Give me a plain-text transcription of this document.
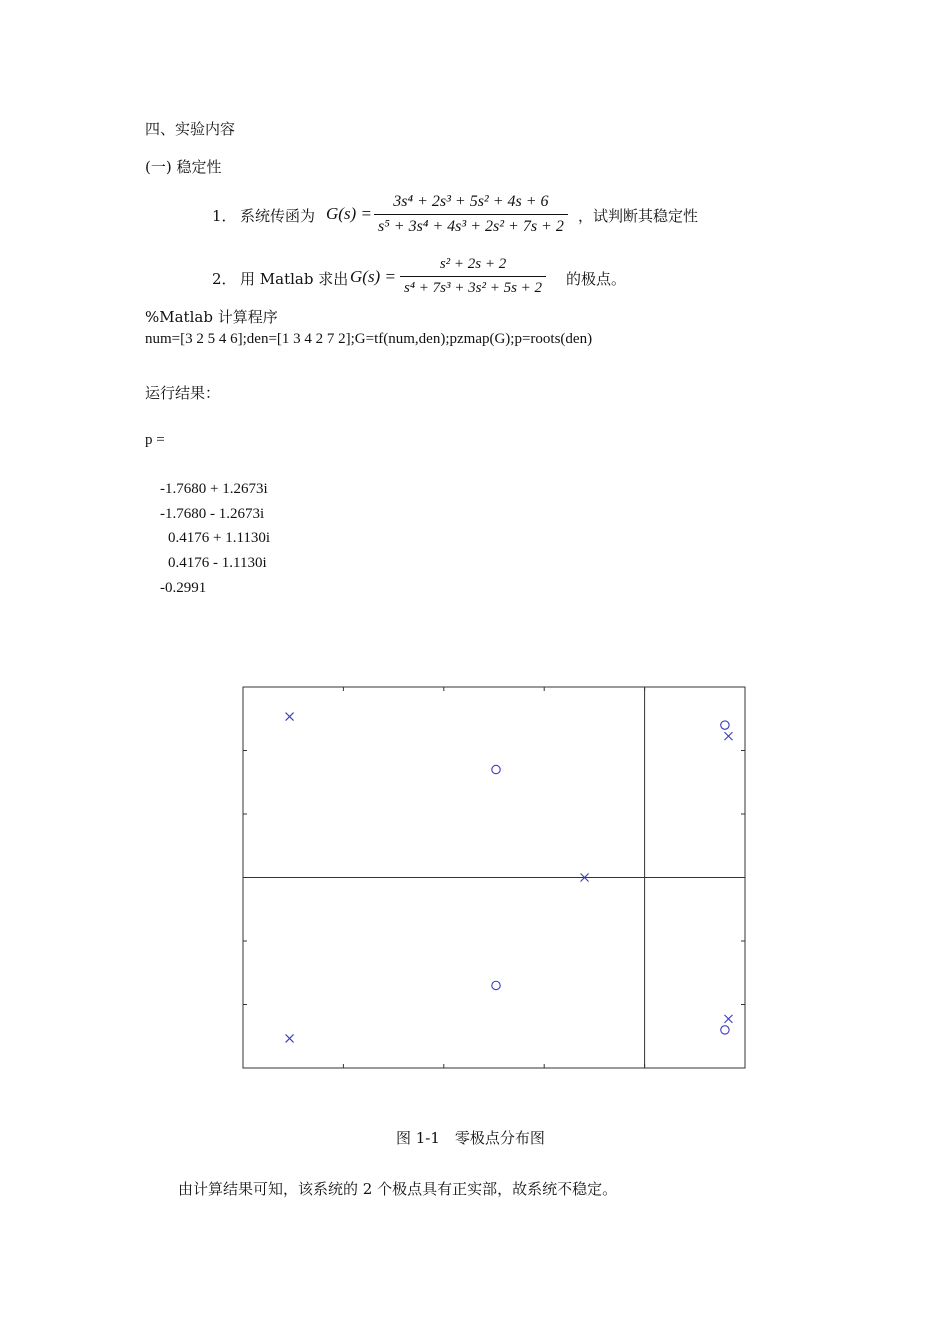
四、实验内容
(一) 稳定性
1． 系统传函为 $G(s) = \frac{\text{3s⁴ + 2s³ + 5s² + 4s + 6}}{\text{s⁵ + 3s⁴ + 4s³ + 2s² + 7s + 2}}$ ，试判断其稳定性
2． 用 Matlab 求出 $G(s) = \frac{\text{s² + 2s + 2}}{\text{s⁴ + 7s³ + 3s² + 5s + 2}}$ 的极点。
%Matlab 计算程序
num=[3 2 5 4 6];den=[1 3 4 2 7 2];G=tf(num,den);pzmap(G);p=roots(den)
运行结果：
p =
-1.7680 + 1.2673i
-1.7680 - 1.2673i
0.4176 + 1.1130i
0.4176 - 1.1130i
-0.2991
图 1-1　零极点分布图
由计算结果可知，该系统的 2 个极点具有正实部，故系统不稳定。
